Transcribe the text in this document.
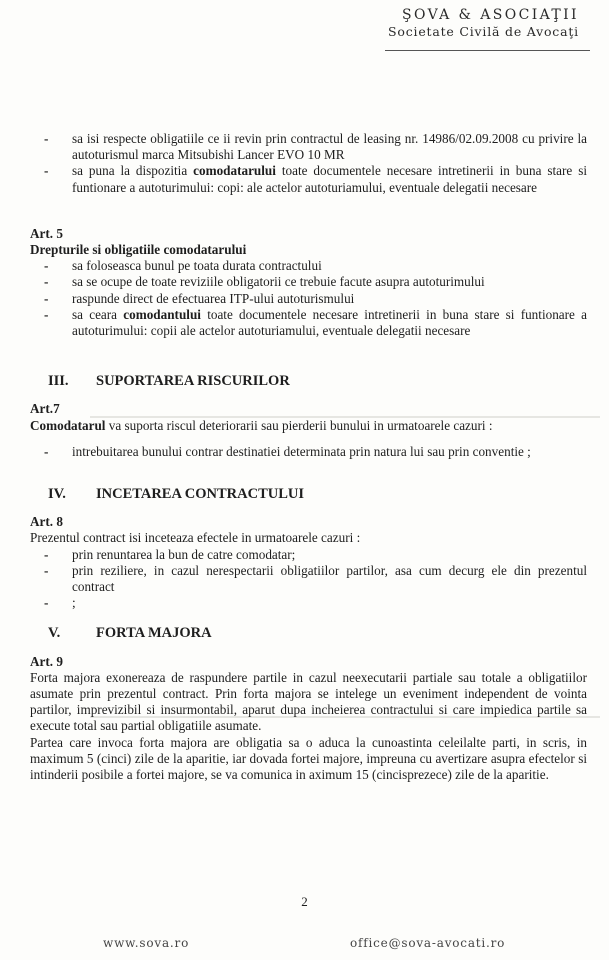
ŞOVA & ASOCIAŢII
Societate Civilă de Avocaţi
- sa isi respecte obligatiile ce ii revin prin contractul de leasing nr. 14986/02.09.2008 cu privire la autoturismul marca Mitsubishi Lancer EVO 10 MR
- sa puna la dispozitia comodatarului toate documentele necesare intretinerii in buna stare si funtionare a autoturimului: copi: ale actelor autoturiamului, eventuale delegatii necesare
Art. 5
Drepturile si obligatiile comodatarului
- sa foloseasca bunul pe toata durata contractului
- sa se ocupe de toate reviziile obligatorii ce trebuie facute asupra autoturimului
- raspunde direct de efectuarea ITP-ului autoturismului
- sa ceara comodantului toate documentele necesare intretinerii in buna stare si funtionare a autoturimului: copii ale actelor autoturiamului, eventuale delegatii necesare
III.	SUPORTAREA RISCURILOR
Art.7

Comodatarul va suporta riscul deteriorarii sau pierderii bunului in urmatoarele cazuri :

- intrebuitarea bunului contrar destinatiei determinata prin natura lui sau prin conventie ;
IV.	INCETAREA CONTRACTULUI
Art. 8

Prezentul contract isi inceteaza efectele in urmatoarele cazuri :

- prin renuntarea la bun de catre comodatar;
- prin reziliere, in cazul nerespectarii obligatiilor partilor, asa cum decurg ele din prezentul contract
- ;
V.	FORTA MAJORA
Art. 9

Forta majora exonereaza de raspundere partile in cazul neexecutarii partiale sau totale a obligatiilor asumate prin prezentul contract. Prin forta majora se intelege un eveniment independent de vointa partilor, imprevizibil si insurmontabil, aparut dupa incheierea contractului si care impiedica partile sa execute total sau partial obligatiile asumate.

Partea care invoca forta majora are obligatia sa o aduca la cunoastinta celeilalte parti, in scris, in maximum 5 (cinci) zile de la aparitie, iar dovada fortei majore, impreuna cu avertizare asupra efectelor si intinderii posibile a fortei majore, se va comunica in aximum 15 (cincisprezece) zile de la aparitie.

2
www.sova.ro	office@sova-avocati.ro
